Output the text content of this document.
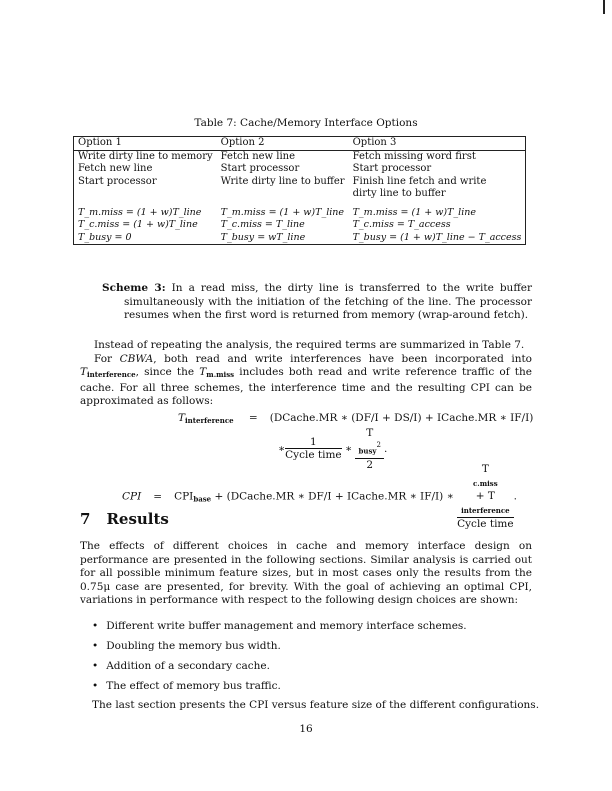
Table 7: Cache/Memory Interface Options
Option 1	Option 2	Option 3
Write dirty line to memory	Fetch new line	Fetch missing word first
Fetch new line	Start processor	Start processor
Start processor	Write dirty line to buffer	Finish line fetch and write
		dirty line to buffer

T_m.miss = (1 + w)T_line	T_m.miss = (1 + w)T_line	T_m.miss = (1 + w)T_line
T_c.miss = (1 + w)T_line	T_c.miss = T_line	T_c.miss = T_access
T_busy = 0	T_busy = wT_line	T_busy = (1 + w)T_line − T_access

Scheme 3: In a read miss, the dirty line is transferred to the write buffer simultaneously with the initiation of the fetching of the line. The processor resumes when the first word is returned from memory (wrap-around fetch).

Instead of repeating the analysis, the required terms are summarized in Table 7.

For CBWA, both read and write interferences have been incorporated into $T_{interference}$, since the $T_{m.miss}$ includes both read and write reference traffic of the cache. For all three schemes, the interference time and the resulting CPI can be approximated as follows:

$T_{interference}$ = (DCache.MR ∗ (DF/I + DS/I) + ICache.MR ∗ IF/I)
∗ $\frac{1}{\text{Cycle time}}$ ∗ T
$_{busy}^2$
2 .
CPI = $CPI_{base}$ + (DCache.MR ∗ DF/I + ICache.MR ∗ IF/I) ∗ T
$_{c.miss}$
+ T
$_{interference}$
Cycle time .
7 Results

The effects of different choices in cache and memory interface design on performance are presented in the following sections. Similar analysis is carried out for all possible minimum feature sizes, but in most cases only the results from the 0.75μ case are presented, for brevity. With the goal of achieving an optimal CPI, variations in performance with respect to the following design choices are shown:

• Different write buffer management and memory interface schemes.
• Doubling the memory bus width.
• Addition of a secondary cache.
• The effect of memory bus traffic.

The last section presents the CPI versus feature size of the different configurations.

16
